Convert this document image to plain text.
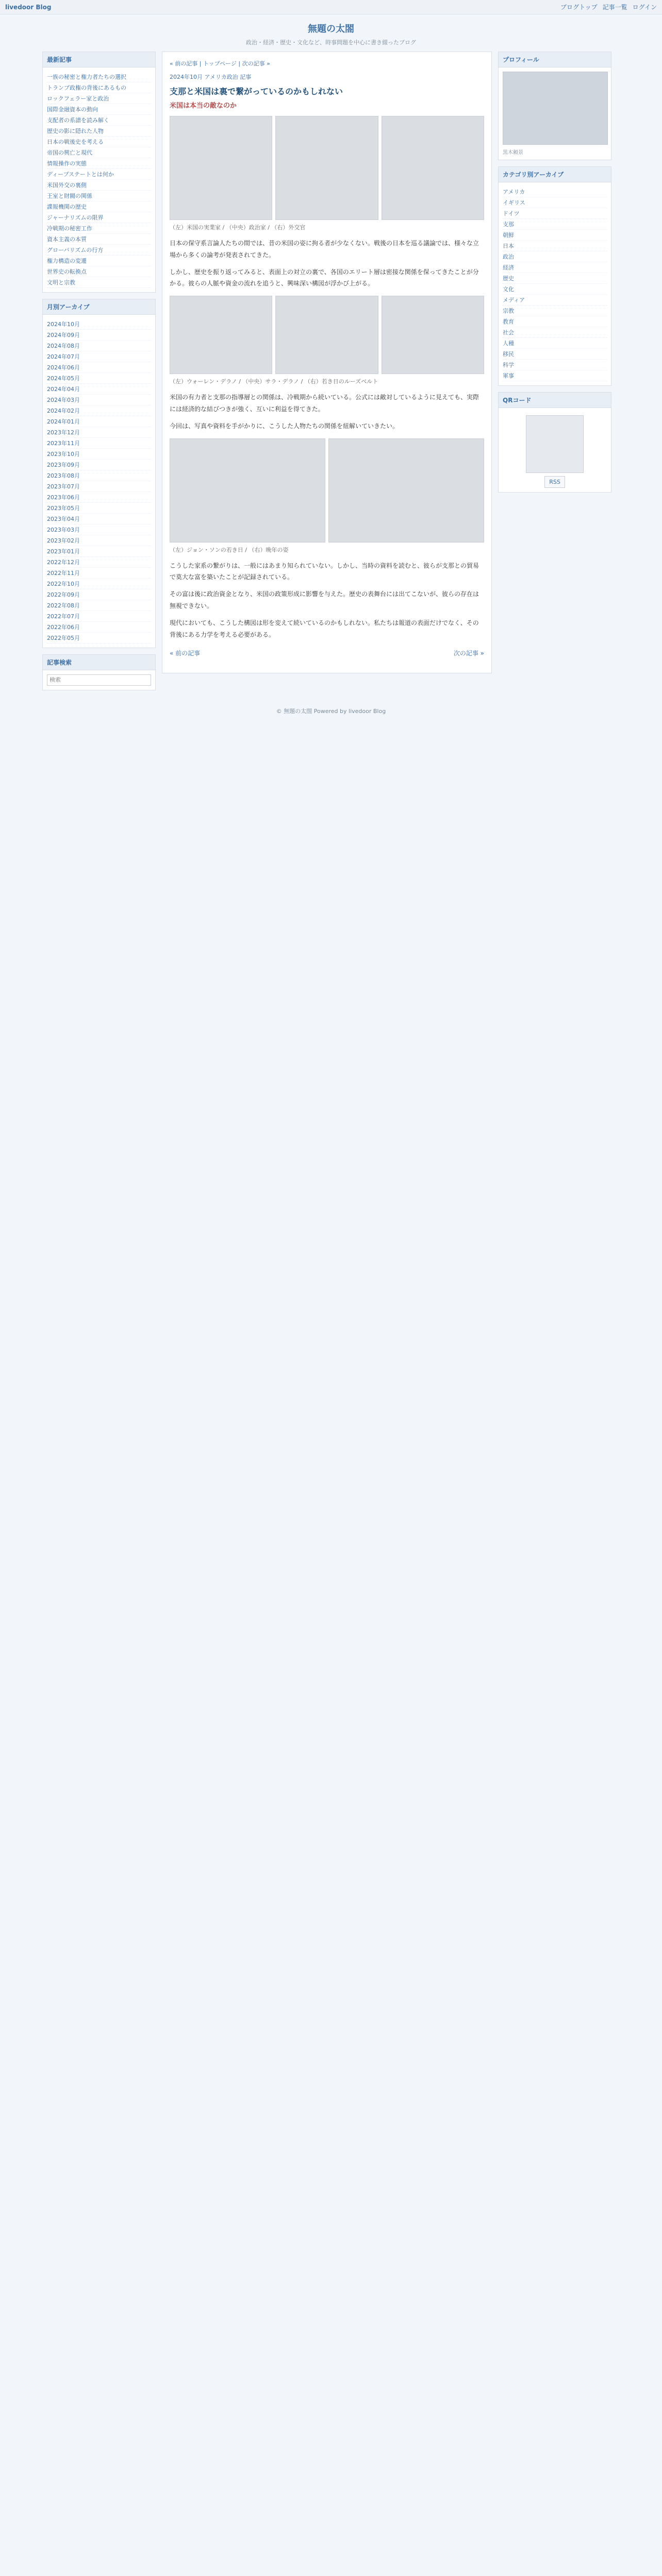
livedoor Blog	ブログトップ 記事一覧 ログイン
無題の太閤

政治・経済・歴史・文化など、時事問題を中心に書き綴ったブログ

最新記事
一族の秘密と権力者たちの選択
トランプ政権の背後にあるもの
ロックフェラー家と政治
国際金融資本の動向
支配者の系譜を読み解く
歴史の影に隠れた人物
日本の戦後史を考える
帝国の興亡と現代
情報操作の実態
ディープステートとは何か
米国外交の裏側
王室と財閥の関係
諜報機関の歴史
ジャーナリズムの限界
冷戦期の秘密工作
資本主義の本質
グローバリズムの行方
権力構造の変遷
世界史の転換点
文明と宗教
月別アーカイブ
2024年10月
2024年09月
2024年08月
2024年07月
2024年06月
2024年05月
2024年04月
2024年03月
2024年02月
2024年01月
2023年12月
2023年11月
2023年10月
2023年09月
2023年08月
2023年07月
2023年06月
2023年05月
2023年04月
2023年03月
2023年02月
2023年01月
2022年12月
2022年11月
2022年10月
2022年09月
2022年08月
2022年07月
2022年06月
2022年05月
記事検索
検索
« 前の記事 | トップページ | 次の記事 »
2024年10月 アメリカ政治 記事
支那と米国は裏で繋がっているのかもしれない
米国は本当の敵なのか
（左）米国の実業家 / （中央）政治家 / （右）外交官

日本の保守系言論人たちの間では、昔の米国の姿に拘る者が少なくない。戦後の日本を巡る議論では、様々な立場から多くの論考が発表されてきた。

しかし、歴史を振り返ってみると、表面上の対立の裏で、各国のエリート層は密接な関係を保ってきたことが分かる。彼らの人脈や資金の流れを追うと、興味深い構図が浮かび上がる。

（左）ウォーレン・デラノ / （中央）サラ・デラノ / （右）若き日のルーズベルト

米国の有力者と支那の指導層との関係は、冷戦期から続いている。公式には敵対しているように見えても、実際には経済的な結びつきが強く、互いに利益を得てきた。

今回は、写真や資料を手がかりに、こうした人物たちの関係を紐解いていきたい。

（左）ジョン・ソンの若き日 / （右）晩年の姿

こうした家系の繋がりは、一般にはあまり知られていない。しかし、当時の資料を読むと、彼らが支那との貿易で莫大な富を築いたことが記録されている。

その富は後に政治資金となり、米国の政策形成に影響を与えた。歴史の表舞台には出てこないが、彼らの存在は無視できない。

現代においても、こうした構図は形を変えて続いているのかもしれない。私たちは報道の表面だけでなく、その背後にある力学を考える必要がある。

« 前の記事	次の記事 »
プロフィール
黒木頼景
カテゴリ別アーカイブ
アメリカ
イギリス
ドイツ
支那
朝鮮
日本
政治
経済
歴史
文化
メディア
宗教
教育
社会
人種
移民
科学
軍事
QRコード
RSS
© 無題の太閤 Powered by livedoor Blog
